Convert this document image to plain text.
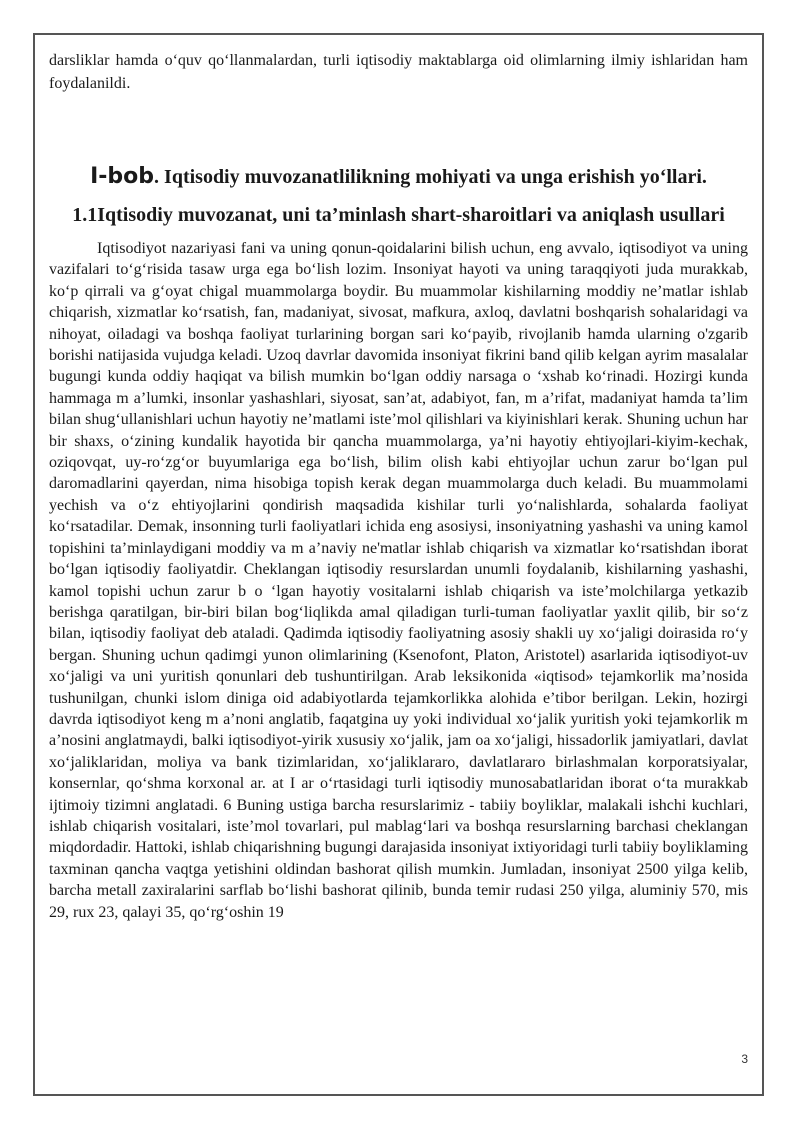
darsliklar hamda o‘quv qo‘llanmalardan, turli iqtisodiy maktablarga oid olimlarning ilmiy ishlaridan ham foydalanildi.

I-bob. Iqtisodiy muvozanatlilikning mohiyati va unga erishish yo‘llari.
1.1Iqtisodiy muvozanat, uni ta’minlash shart-sharoitlari va aniqlash usullari

Iqtisodiyot nazariyasi fani va uning qonun-qoidalarini bilish uchun, eng avvalo, iqtisodiyot va uning vazifalari to‘g‘risida tasaw urga ega bo‘lish lozim. Insoniyat hayoti va uning taraqqiyoti juda murakkab, ko‘p qirrali va g‘oyat chigal muammolarga boydir. Bu muammolar kishilarning moddiy ne’matlar ishlab chiqarish, xizmatlar ko‘rsatish, fan, madaniyat, sivosat, mafkura, axloq, davlatni boshqarish sohalaridagi va nihoyat, oiladagi va boshqa faoliyat turlarining borgan sari ko‘payib, rivojlanib hamda ularning o'zgarib borishi natijasida vujudga keladi. Uzoq davrlar davomida insoniyat fikrini band qilib kelgan ayrim masalalar bugungi kunda oddiy haqiqat va bilish mumkin bo‘lgan oddiy narsaga o ‘xshab ko‘rinadi. Hozirgi kunda hammaga m a’lumki, insonlar yashashlari, siyosat, san’at, adabiyot, fan, m a’rifat, madaniyat hamda ta’lim bilan shug‘ullanishlari uchun hayotiy ne’matlami iste’mol qilishlari va kiyinishlari kerak. Shuning uchun har bir shaxs, o‘zining kundalik hayotida bir qancha muammolarga, ya’ni hayotiy ehtiyojlari-kiyim-kechak, oziqovqat, uy-ro‘zg‘or buyumlariga ega bo‘lish, bilim olish kabi ehtiyojlar uchun zarur bo‘lgan pul daromadlarini qayerdan, nima hisobiga topish kerak degan muammolarga duch keladi. Bu muammolami yechish va o‘z ehtiyojlarini qondirish maqsadida kishilar turli yo‘nalishlarda, sohalarda faoliyat ko‘rsatadilar. Demak, insonning turli faoliyatlari ichida eng asosiysi, insoniyatning yashashi va uning kamol topishini ta’minlaydigani moddiy va m a’naviy ne'matlar ishlab chiqarish va xizmatlar ko‘rsatishdan iborat bo‘lgan iqtisodiy faoliyatdir. Cheklangan iqtisodiy resurslardan unumli foydalanib, kishilarning yashashi, kamol topishi uchun zarur b o ‘lgan hayotiy vositalarni ishlab chiqarish va iste’molchilarga yetkazib berishga qaratilgan, bir-biri bilan bog‘liqlikda amal qiladigan turli-tuman faoliyatlar yaxlit qilib, bir so‘z bilan, iqtisodiy faoliyat deb ataladi. Qadimda iqtisodiy faoliyatning asosiy shakli uy xo‘jaligi doirasida ro‘y bergan. Shuning uchun qadimgi yunon olimlarining (Ksenofont, Platon, Aristotel) asarlarida iqtisodiyot-uv xo‘jaligi va uni yuritish qonunlari deb tushuntirilgan. Arab leksikonida «iqtisod» tejamkorlik ma’nosida tushunilgan, chunki islom diniga oid adabiyotlarda tejamkorlikka alohida e’tibor berilgan. Lekin, hozirgi davrda iqtisodiyot keng m a’noni anglatib, faqatgina uy yoki individual xo‘jalik yuritish yoki tejamkorlik m a’nosini anglatmaydi, balki iqtisodiyot-yirik xususiy xo‘jalik, jam oa xo‘jaligi, hissadorlik jamiyatlari, davlat xo‘jaliklaridan, moliya va bank tizimlaridan, xo‘jaliklararo, davlatlararo birlashmalan korporatsiyalar, konsernlar, qo‘shma korxonal ar. at I ar o‘rtasidagi turli iqtisodiy munosabatlaridan iborat o‘ta murakkab ijtimoiy tizimni anglatadi. 6 Buning ustiga barcha resurslarimiz - tabiiy boyliklar, malakali ishchi kuchlari, ishlab chiqarish vositalari, iste’mol tovarlari, pul mablag‘lari va boshqa resurslarning barchasi cheklangan miqdordadir. Hattoki, ishlab chiqarishning bugungi darajasida insoniyat ixtiyoridagi turli tabiiy boyliklaming taxminan qancha vaqtga yetishini oldindan bashorat qilish mumkin. Jumladan, insoniyat 2500 yilga kelib, barcha metall zaxiralarini sarflab bo‘lishi bashorat qilinib, bunda temir rudasi 250 yilga, aluminiy 570, mis 29, rux 23, qalayi 35, qo‘rg‘oshin 19

3
